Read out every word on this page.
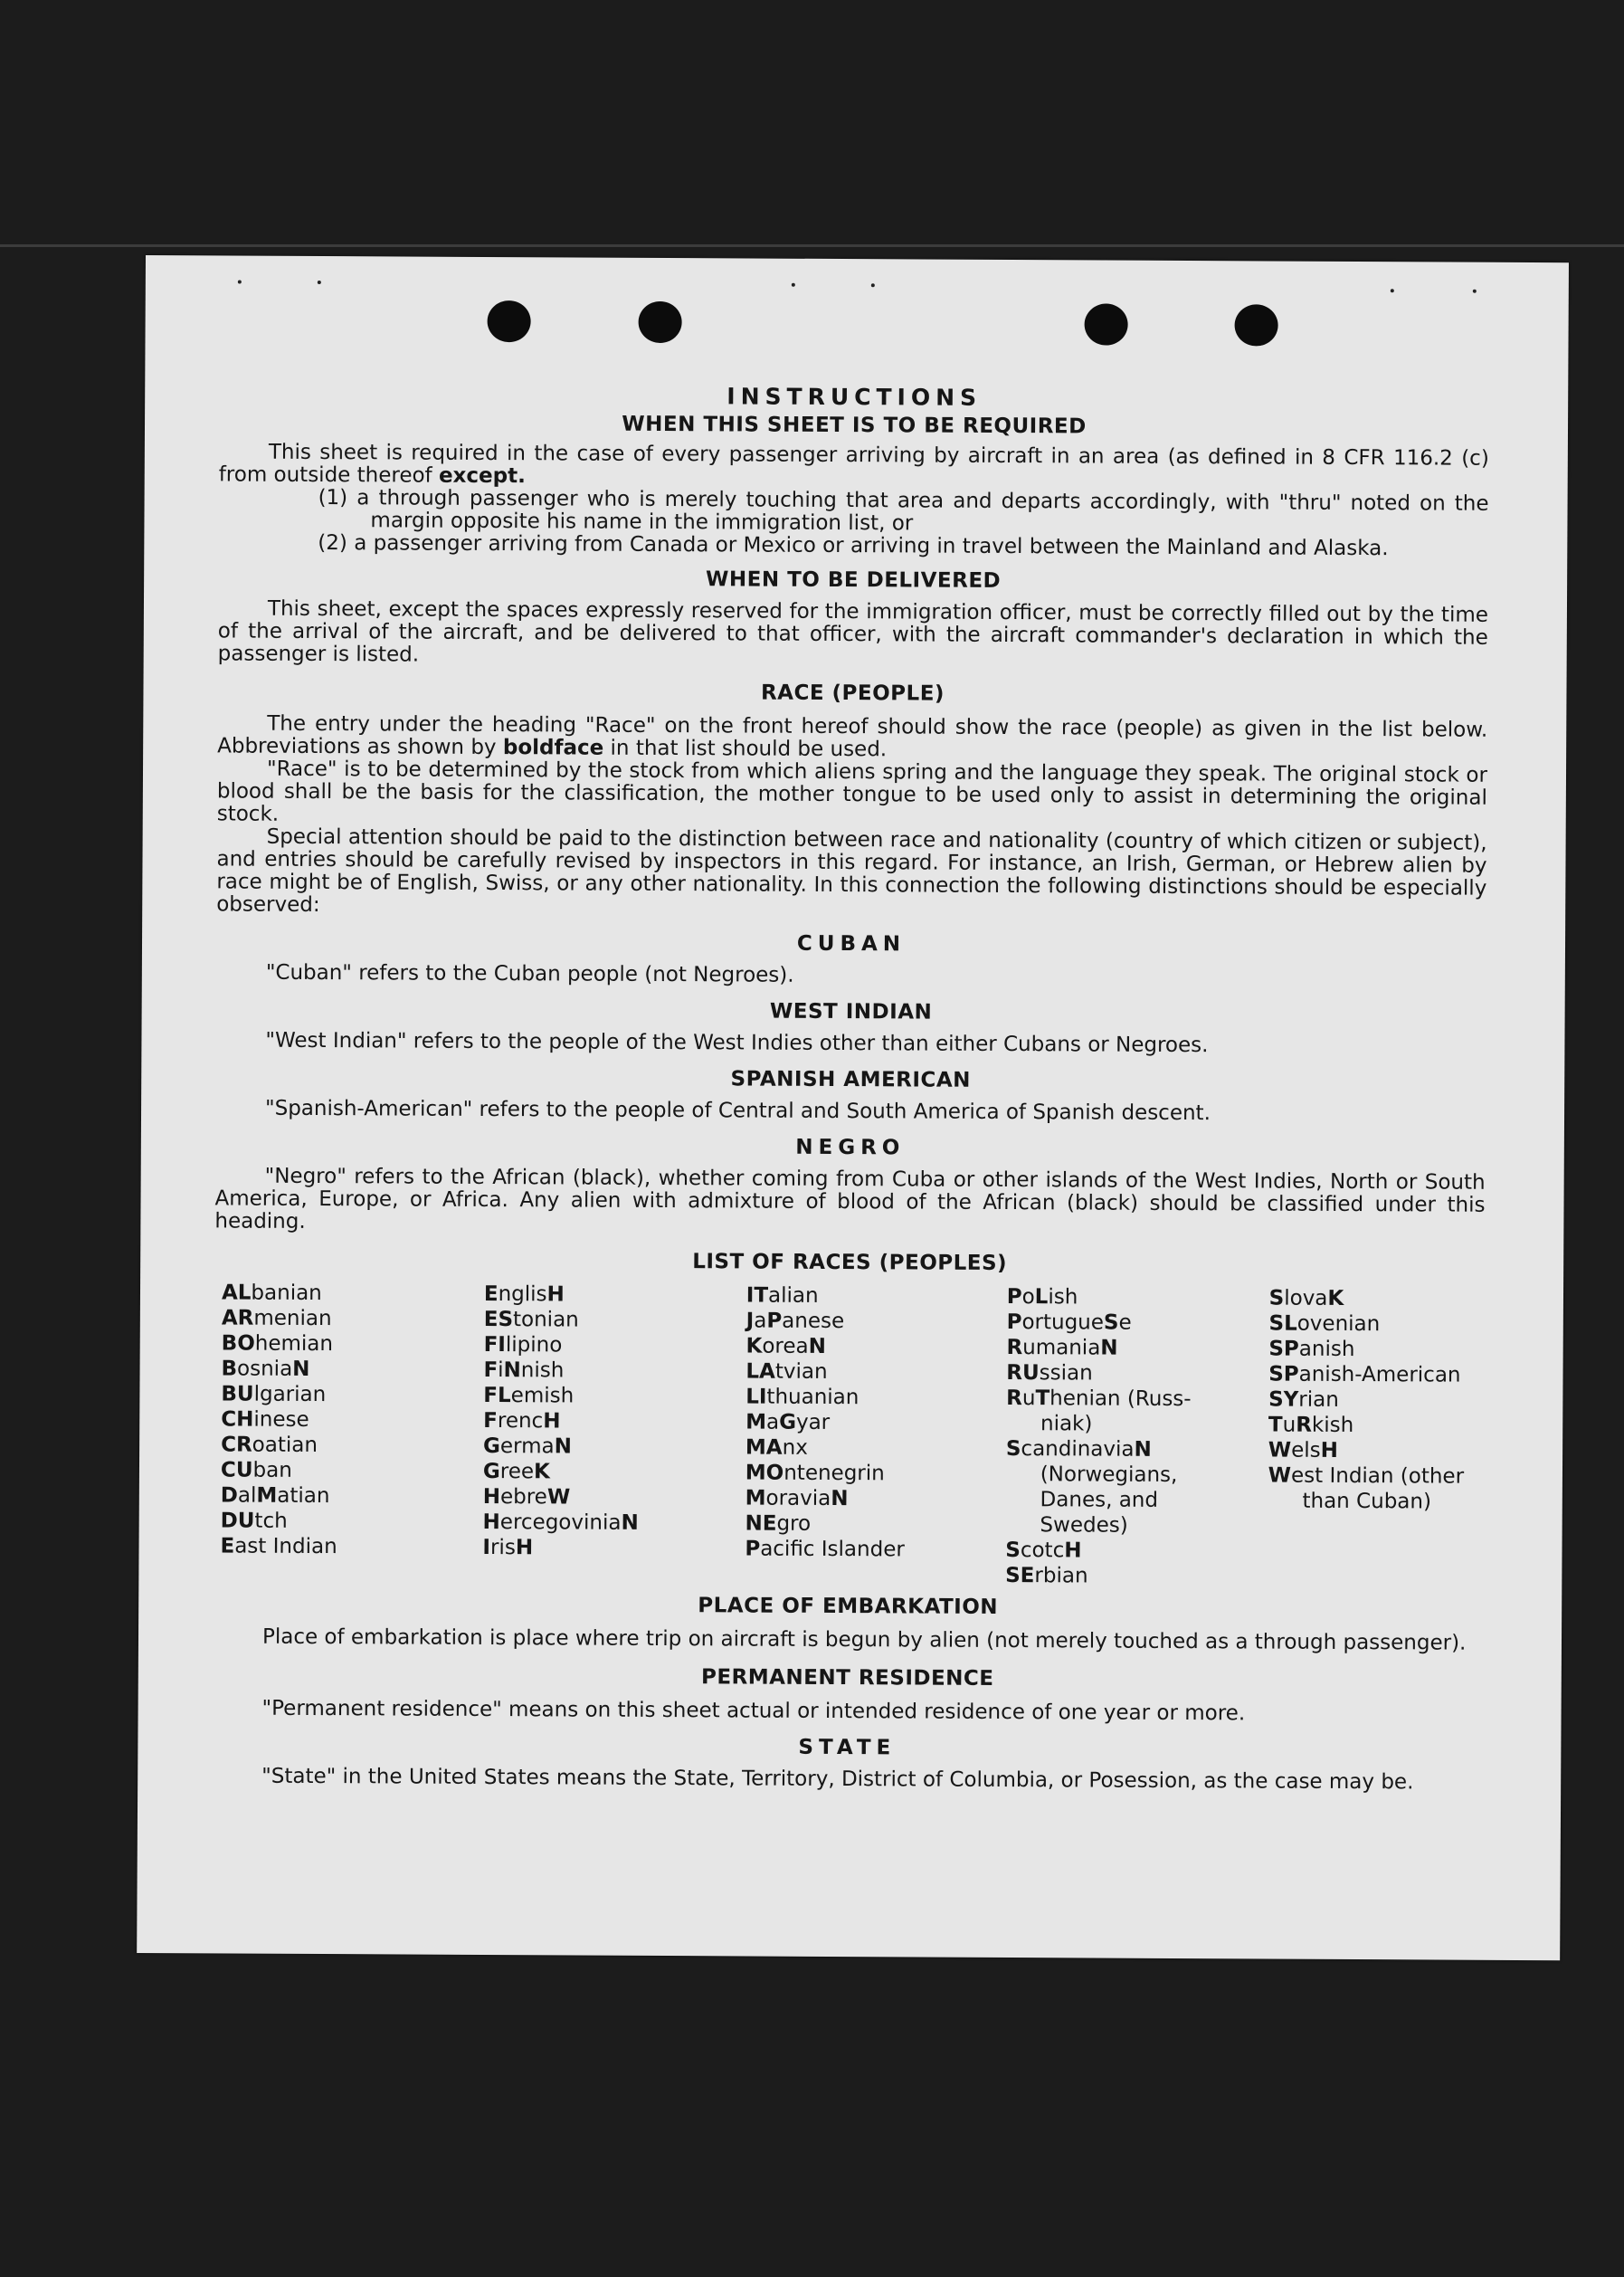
INSTRUCTIONS
WHEN THIS SHEET IS TO BE REQUIRED

This sheet is required in the case of every passenger arriving by aircraft in an area (as defined in 8 CFR 116.2 (c) from outside thereof except.

(1) a through passenger who is merely touching that area and departs accordingly, with "thru" noted on the margin opposite his name in the immigration list, or

(2) a passenger arriving from Canada or Mexico or arriving in travel between the Mainland and Alaska.

WHEN TO BE DELIVERED

This sheet, except the spaces expressly reserved for the immigration officer, must be correctly filled out by the time of the arrival of the aircraft, and be delivered to that officer, with the aircraft commander's declaration in which the passenger is listed.

RACE (PEOPLE)

The entry under the heading "Race" on the front hereof should show the race (people) as given in the list below. Abbreviations as shown by boldface in that list should be used.

"Race" is to be determined by the stock from which aliens spring and the language they speak. The original stock or blood shall be the basis for the classification, the mother tongue to be used only to assist in determining the original stock.

Special attention should be paid to the distinction between race and nationality (country of which citizen or subject), and entries should be carefully revised by inspectors in this regard. For instance, an Irish, German, or Hebrew alien by race might be of English, Swiss, or any other nationality. In this connection the following distinctions should be especially observed:

CUBAN

"Cuban" refers to the Cuban people (not Negroes).

WEST INDIAN

"West Indian" refers to the people of the West Indies other than either Cubans or Negroes.

SPANISH AMERICAN

"Spanish-American" refers to the people of Central and South America of Spanish descent.

NEGRO

"Negro" refers to the African (black), whether coming from Cuba or other islands of the West Indies, North or South America, Europe, or Africa. Any alien with admixture of blood of the African (black) should be classified under this heading.

LIST OF RACES (PEOPLES)
ALbanian
ARmenian
BOhemian
BosniaN
BUlgarian
CHinese
CRoatian
CUban
DalMatian
DUtch
East Indian
EnglisH
EStonian
FIlipino
FiNnish
FLemish
FrencH
GermaN
GreeK
HebreW
HercegoviniaN
IrisH
ITalian
JaPanese
KoreaN
LAtvian
LIthuanian
MaGyar
MAnx
MOntenegrin
MoraviaN
NEgro
Pacific Islander
PoLish
PortugueSe
RumaniaN
RUssian
RuThenian (Russ-
niak)
ScandinaviaN
(Norwegians,
Danes, and
Swedes)
ScotcH
SErbian
SlovaK
SLovenian
SPanish
SPanish-American
SYrian
TuRkish
WelsH
West Indian (other
than Cuban)
PLACE OF EMBARKATION

Place of embarkation is place where trip on aircraft is begun by alien (not merely touched as a through passenger).

PERMANENT RESIDENCE

"Permanent residence" means on this sheet actual or intended residence of one year or more.

STATE

"State" in the United States means the State, Territory, District of Columbia, or Posession, as the case may be.
